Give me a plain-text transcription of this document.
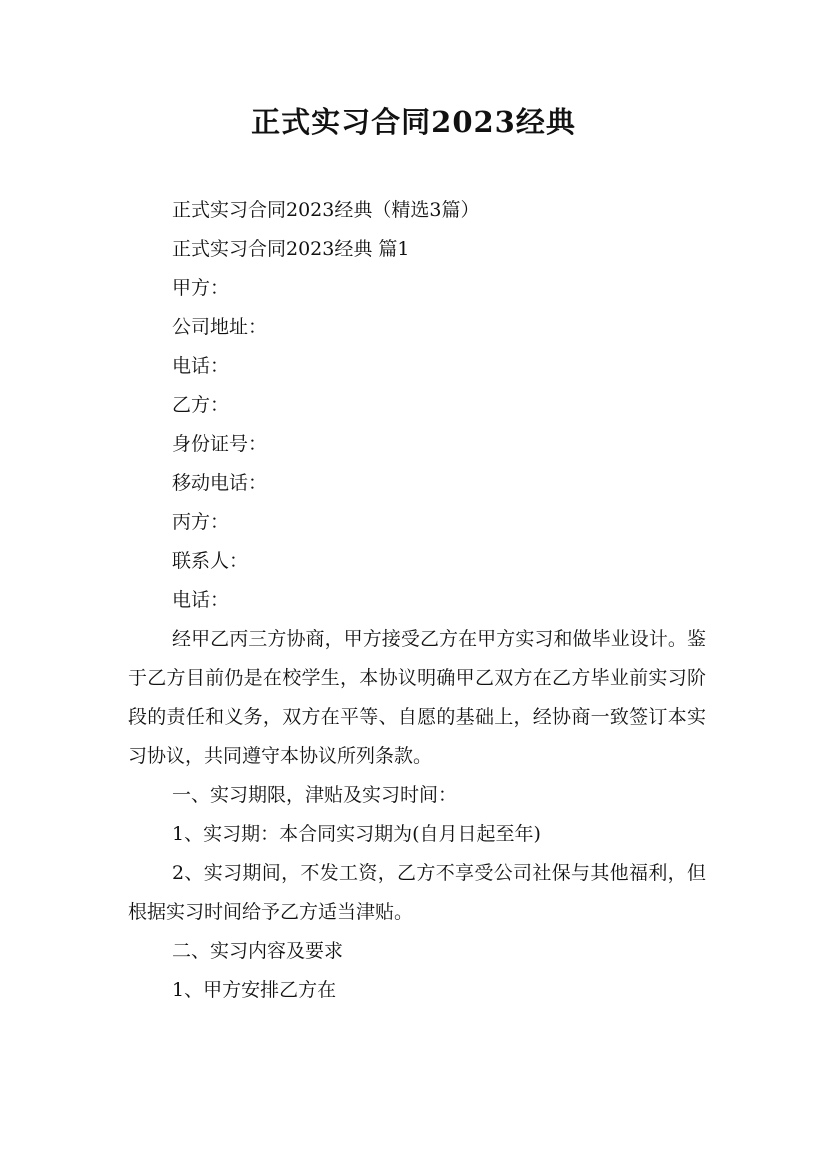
正式实习合同2023经典
正式实习合同2023经典（精选3篇）
正式实习合同2023经典 篇1
甲方：
公司地址：
电话：
乙方：
身份证号：
移动电话：
丙方：
联系人：
电话：
经甲乙丙三方协商，甲方接受乙方在甲方实习和做毕业设计。鉴于乙方目前仍是在校学生，本协议明确甲乙双方在乙方毕业前实习阶段的责任和义务，双方在平等、自愿的基础上，经协商一致签订本实习协议，共同遵守本协议所列条款。
一、实习期限，津贴及实习时间：
1、实习期：本合同实习期为(自月日起至年)
2、实习期间，不发工资，乙方不享受公司社保与其他福利，但根据实习时间给予乙方适当津贴。
二、实习内容及要求
1、甲方安排乙方在
